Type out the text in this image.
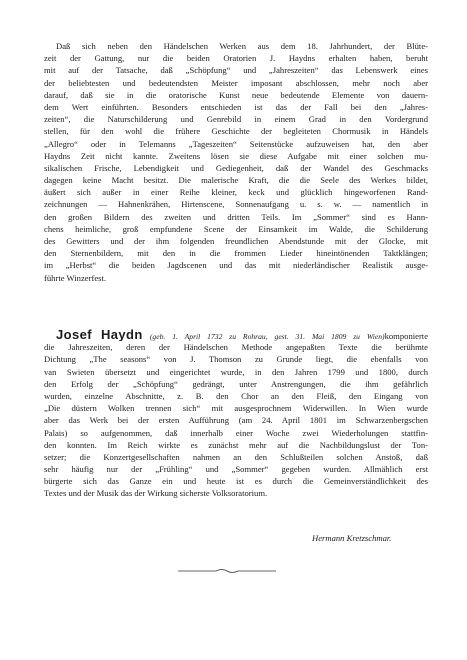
Daß sich neben den Händelschen Werken aus dem 18. Jahrhundert, der Blüte-
zeit der Gattung, nur die beiden Oratorien J. Haydns erhalten haben, beruht
mit auf der Tatsache, daß „Schöpfung“ und „Jahreszeiten“ das Lebenswerk eines
der beliebtesten und bedeutendsten Meister imposant abschlossen, mehr noch aber
darauf, daß sie in die oratorische Kunst neue bedeutende Elemente von dauern-
dem Wert einführten. Besonders entschieden ist das der Fall bei den „Jahres-
zeiten“, die Naturschilderung und Genrebild in einem Grad in den Vordergrund
stellen, für den wohl die frühere Geschichte der begleiteten Chormusik in Händels
„Allegro“ oder in Telemanns „Tageszeiten“ Seitenstücke aufzuweisen hat, den aber
Haydns Zeit nicht kannte. Zweitens lösen sie diese Aufgabe mit einer solchen mu-
sikalischen Frische, Lebendigkeit und Gediegenheit, daß der Wandel des Geschmacks
dagegen keine Macht besitzt. Die malerische Kraft, die die Seele des Werkes bildet,
äußert sich außer in einer Reihe kleiner, keck und glücklich hingeworfenen Rand-
zeichnungen — Hahnenkrähen, Hirtenscene, Sonnenaufgang u. s. w. — namentlich in
den großen Bildern des zweiten und dritten Teils. Im „Sommer“ sind es Hann-
chens heimliche, groß empfundene Scene der Einsamkeit im Walde, die Schilderung
des Gewitters und der ihm folgenden freundlichen Abendstunde mit der Glocke, mit
den Sternenbildern, mit den in die frommen Lieder hineintönenden Taktklängen;
im „Herbst“ die beiden Jagdscenen und das mit niederländischer Realistik ausge-
führte Winzerfest.
Josef Haydn (geb. 1. April 1732 zu Rohrau, gest. 31. Mai 1809 zu Wien)komponierte
die Jahreszeiten, deren der Händelschen Methode angepaßten Texte die berühmte
Dichtung „The seasons“ von J. Thomson zu Grunde liegt, die ebenfalls von
van Swieten übersetzt und eingerichtet wurde, in den Jahren 1799 und 1800, durch
den Erfolg der „Schöpfung“ gedrängt, unter Anstrengungen, die ihm gefährlich
wurden, einzelne Abschnitte, z. B. den Chor an den Fleiß, den Eingang von
„Die düstern Wolken trennen sich“ mit ausgesprochnem Widerwillen. In Wien wurde
aber das Werk bei der ersten Aufführung (am 24. April 1801 im Schwarzenbergschen
Palais) so aufgenommen, daß innerhalb einer Woche zwei Wiederholungen stattfin-
den konnten. Im Reich wirkte es zunächst mehr auf die Nachbildungslust der Ton-
setzer; die Konzertgesellschaften nahmen an den Schlußteilen solchen Anstoß, daß
sehr häufig nur der „Frühling“ und „Sommer“ gegeben wurden. Allmählich erst
bürgerte sich das Ganze ein und heute ist es durch die Gemeinverständlichkeit des
Textes und der Musik das der Wirkung sicherste Volksoratorium.
Hermann Kretzschmar.
